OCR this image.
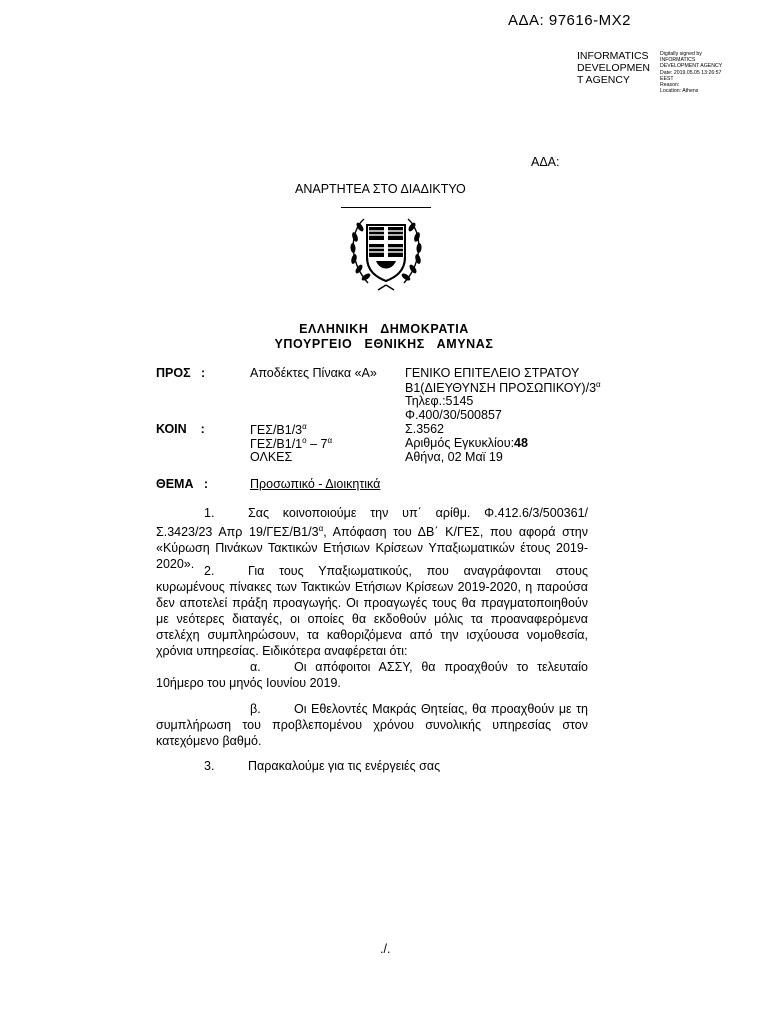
ΑΔΑ: 97616-ΜΧ2
INFORMATICS
DEVELOPMEN
T AGENCY
Digitally signed by
INFORMATICS
DEVELOPMENT AGENCY
Date: 2019.05.05 13:26:57
EEST
Reason:
Location: Athens
ΑΔΑ:
ΑΝΑΡΤΗΤΕΑ ΣΤΟ ΔΙΑΔΙΚΤΥΟ
ΕΛΛΗΝΙΚΗ   ΔΗΜΟΚΡΑΤΙΑ
ΥΠΟΥΡΓΕΙΟ   ΕΘΝΙΚΗΣ   ΑΜΥΝΑΣ
ΠΡΟΣ   :	Αποδέκτες Πίνακα «Α»
ΚΟΙΝ    :	ΓΕΣ/$B1/3^\alpha$
ΓΕΣ/$B1/1^o - 7^\alpha$
ΟΛΚΕΣ
ΓΕΝΙΚΟ ΕΠΙΤΕΛΕΙΟ ΣΤΡΑΤΟΥ
Β1(ΔΙΕΥΘΥΝΣΗ $\Pi PO\Sigma\Omega\Pi IKO\Upsilon)/3^\alpha$
Τηλεφ.:5145
Φ.400/30/500857
Σ.3562
Αριθμός Εγκυκλίου:48
Αθήνα, 02 Μαϊ 19
ΘΕΜΑ   :	Προσωπικό - Διοικητικά
1.	Σας κοινοποιούμε την υπ΄ αρίθμ. Φ.412.6/3/500361/Σ.3423/23 Απρ $19/\Gamma E\Sigma/B1/3^\alpha$, Απόφαση του ΔΒ΄ Κ/ΓΕΣ, που αφορά στην «Κύρωση Πινάκων Τακτικών Ετήσιων Κρίσεων Υπαξιωματικών έτους 2019-2020». 2.	Για τους Υπαξιωματικούς, που αναγράφονται στους κυρωμένους πίνακες των Τακτικών Ετήσιων Κρίσεων 2019-2020, η παρούσα δεν αποτελεί πράξη προαγωγής. Οι προαγωγές τους θα πραγματοποιηθούν με νεότερες διαταγές, οι οποίες θα εκδοθούν μόλις τα προαναφερόμενα στελέχη συμπληρώσουν, τα καθοριζόμενα από την ισχύουσα νομοθεσία, χρόνια υπηρεσίας. Ειδικότερα αναφέρεται ότι:
α.	Οι απόφοιτοι ΑΣΣΥ, θα προαχθούν το τελευταίο 10ήμερο του μηνός Ιουνίου 2019.
β.	Οι Εθελοντές Μακράς Θητείας, θα προαχθούν με τη συμπλήρωση του προβλεπομένου χρόνου συνολικής υπηρεσίας στον κατεχόμενο βαθμό.
3.	Παρακαλούμε για τις ενέργειές σας
./.
